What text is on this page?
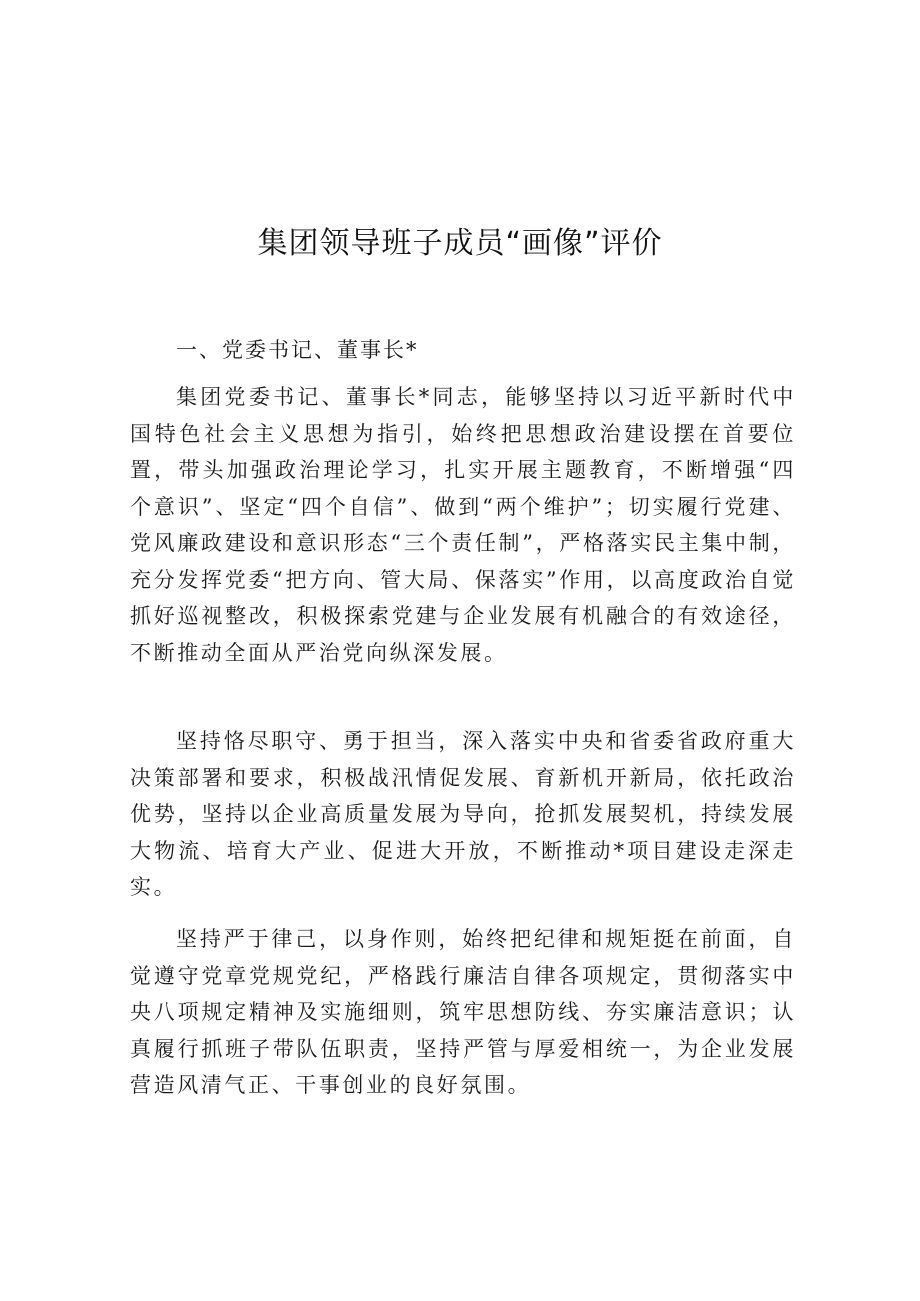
集团领导班子成员“画像”评价
一、党委书记、董事长*

集团党委书记、董事长*同志，能够坚持以习近平新时代中国特色社会主义思想为指引，始终把思想政治建设摆在首要位置，带头加强政治理论学习，扎实开展主题教育，不断增强“四个意识”、坚定“四个自信”、做到“两个维护”；切实履行党建、党风廉政建设和意识形态“三个责任制”，严格落实民主集中制，充分发挥党委“把方向、管大局、保落实”作用，以高度政治自觉抓好巡视整改，积极探索党建与企业发展有机融合的有效途径，不断推动全面从严治党向纵深发展。

坚持恪尽职守、勇于担当，深入落实中央和省委省政府重大决策部署和要求，积极战汛情促发展、育新机开新局，依托政治优势，坚持以企业高质量发展为导向，抢抓发展契机，持续发展大物流、培育大产业、促进大开放，不断推动*项目建设走深走实。

坚持严于律己，以身作则，始终把纪律和规矩挺在前面，自觉遵守党章党规党纪，严格践行廉洁自律各项规定，贯彻落实中央八项规定精神及实施细则，筑牢思想防线、夯实廉洁意识；认真履行抓班子带队伍职责，坚持严管与厚爱相统一，为企业发展营造风清气正、干事创业的良好氛围。
